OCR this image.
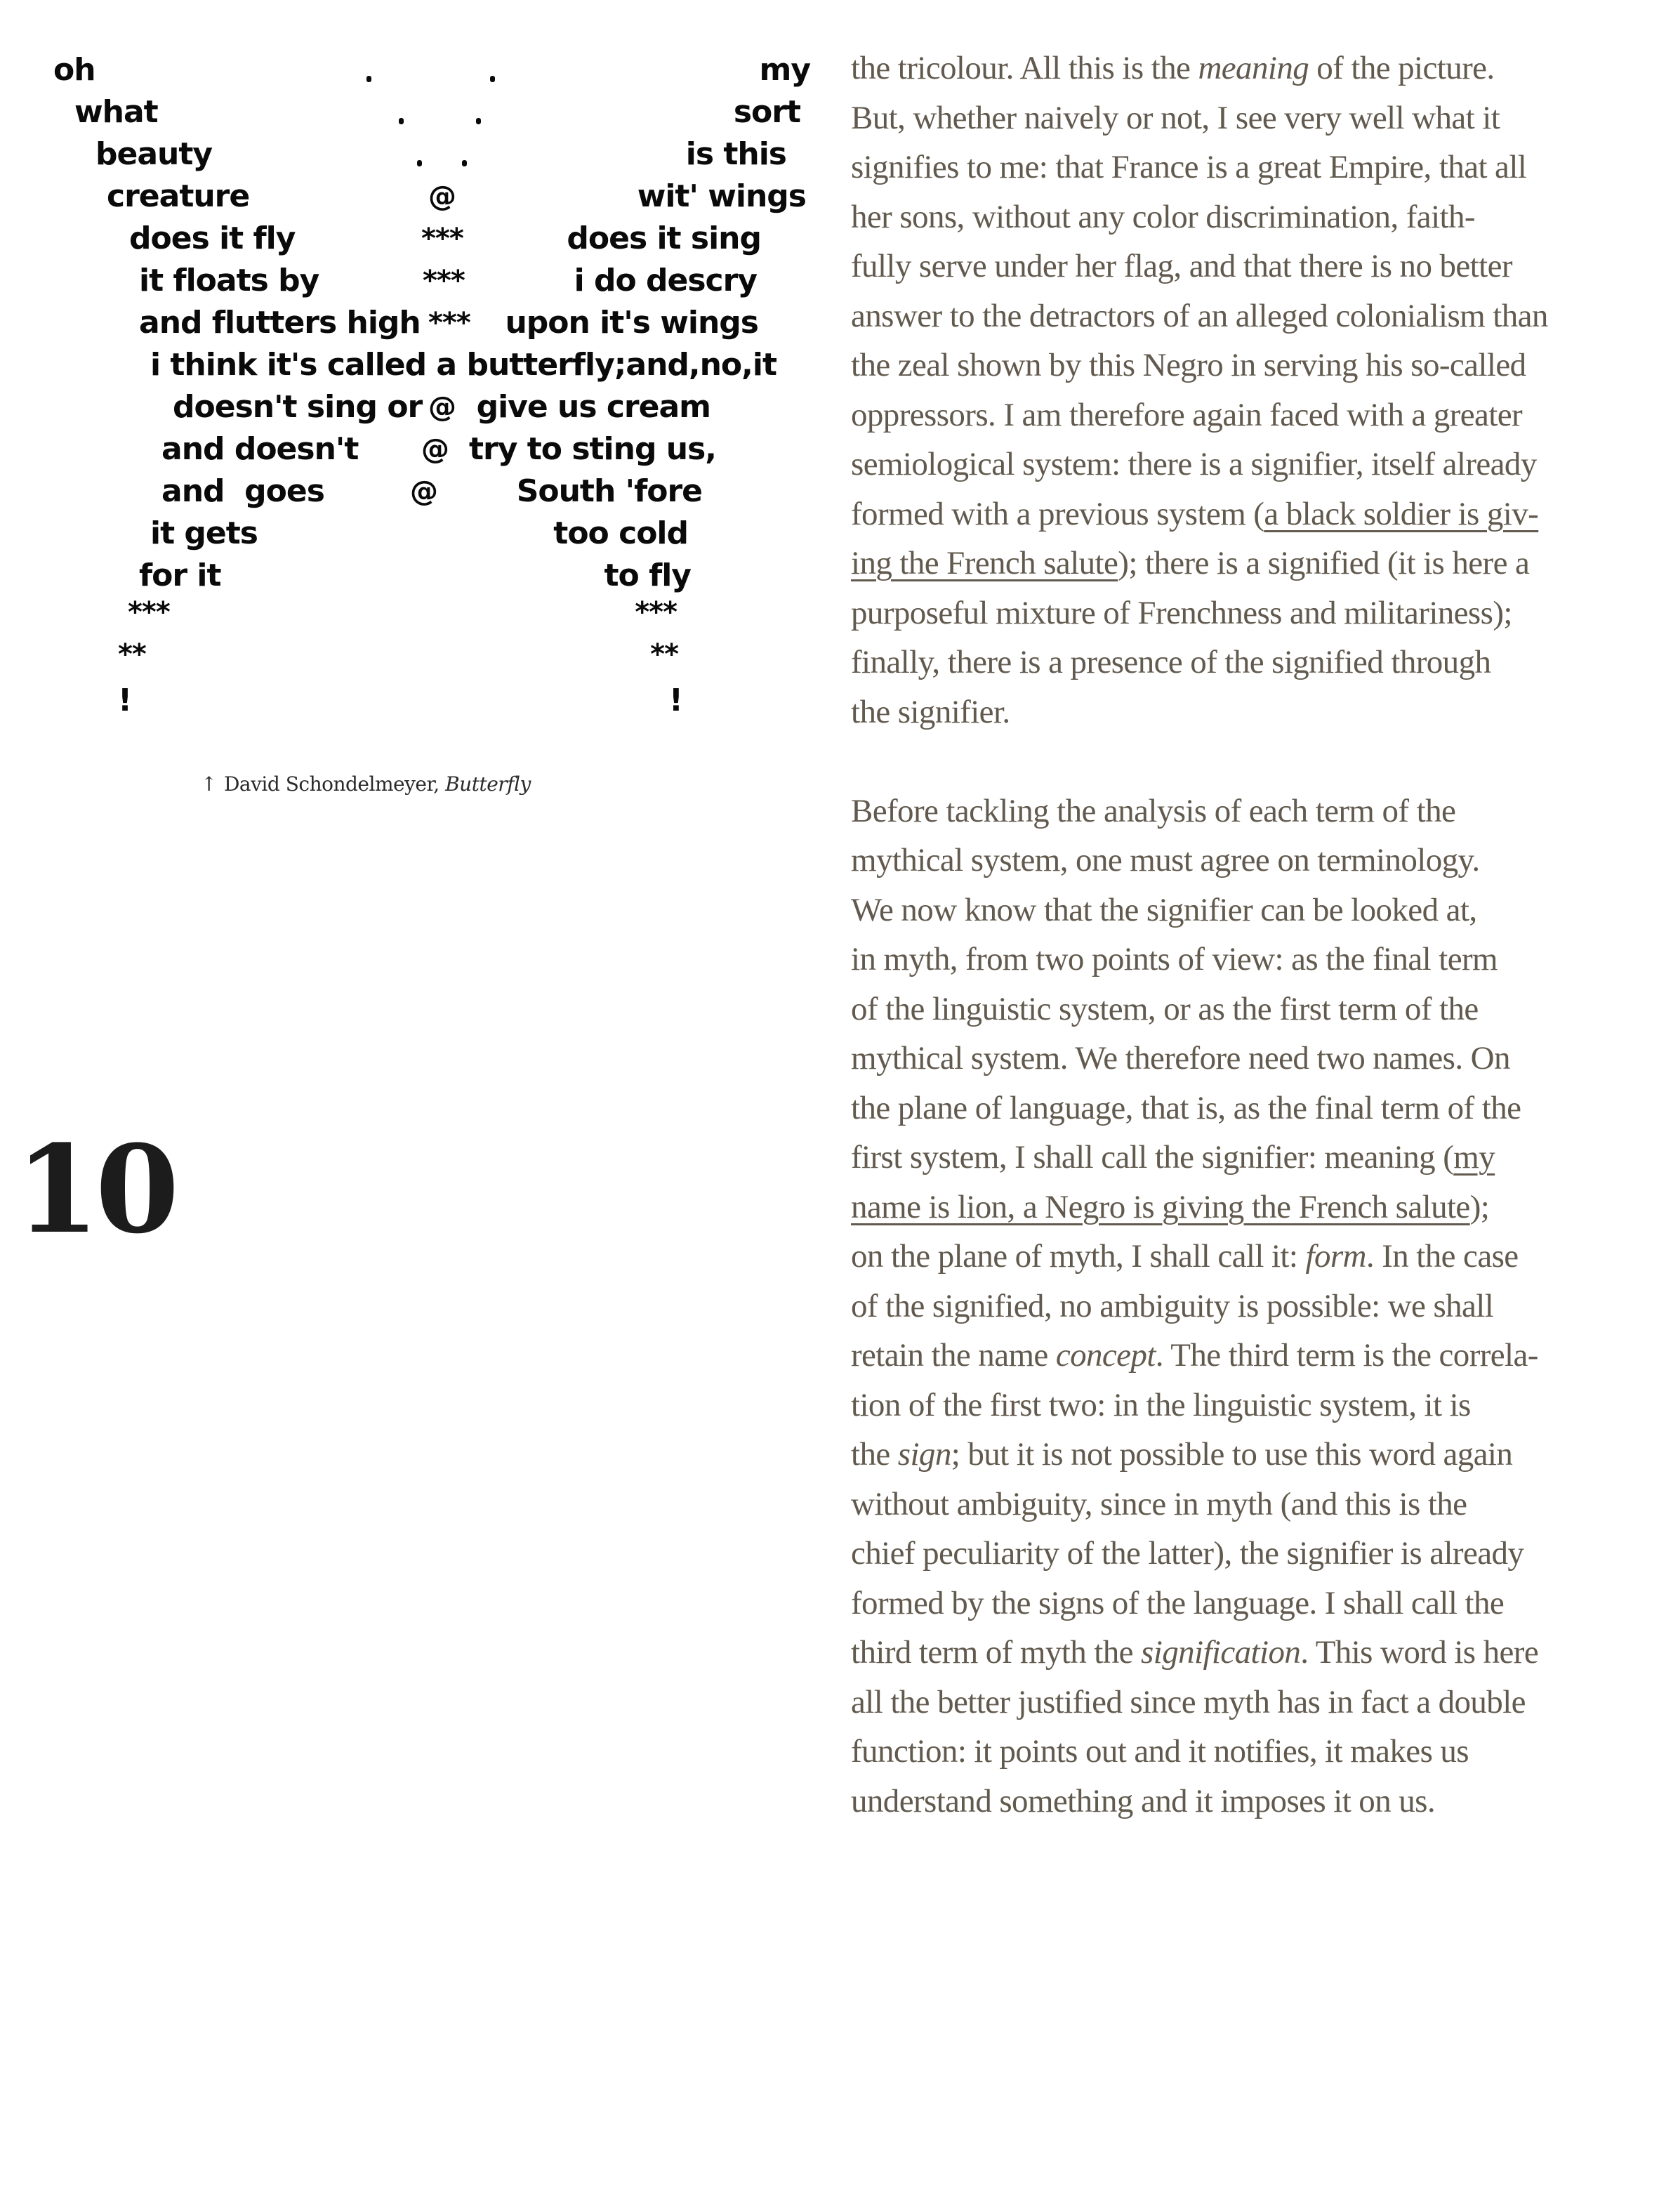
oh	my
what	sort
beauty	is this
creature	@	wit' wings
does it fly	***	does it sing
it floats by	***	i do descry
and flutters high *** upon it's wings
i think it's called a butterfly;and,no,it
doesn't sing or @ give us cream
and doesn't @ try to sting us,
and  goes	@	South 'fore
it gets	too cold
for it	to fly
***	***
**	**
!	!
↑ David Schondelmeyer, Butterfly
10

the tricolour. All this is the meaning of the picture.
But, whether naively or not, I see very well what it
signifies to me: that France is a great Empire, that all
her sons, without any color discrimination, faith-
fully serve under her flag, and that there is no better
answer to the detractors of an alleged colonialism than
the zeal shown by this Negro in serving his so-called
oppressors. I am therefore again faced with a greater
semiological system: there is a signifier, itself already
formed with a previous system (a black soldier is giv-
ing the French salute); there is a signified (it is here a
purposeful mixture of Frenchness and militariness);
finally, there is a presence of the signified through
the signifier.

Before tackling the analysis of each term of the
mythical system, one must agree on terminology.
We now know that the signifier can be looked at,
in myth, from two points of view: as the final term
of the linguistic system, or as the first term of the
mythical system. We therefore need two names. On
the plane of language, that is, as the final term of the
first system, I shall call the signifier: meaning (my
name is lion, a Negro is giving the French salute);
on the plane of myth, I shall call it: form. In the case
of the signified, no ambiguity is possible: we shall
retain the name concept. The third term is the correla-
tion of the first two: in the linguistic system, it is
the sign; but it is not possible to use this word again
without ambiguity, since in myth (and this is the
chief peculiarity of the latter), the signifier is already
formed by the signs of the language. I shall call the
third term of myth the signification. This word is here
all the better justified since myth has in fact a double
function: it points out and it notifies, it makes us
understand something and it imposes it on us.
